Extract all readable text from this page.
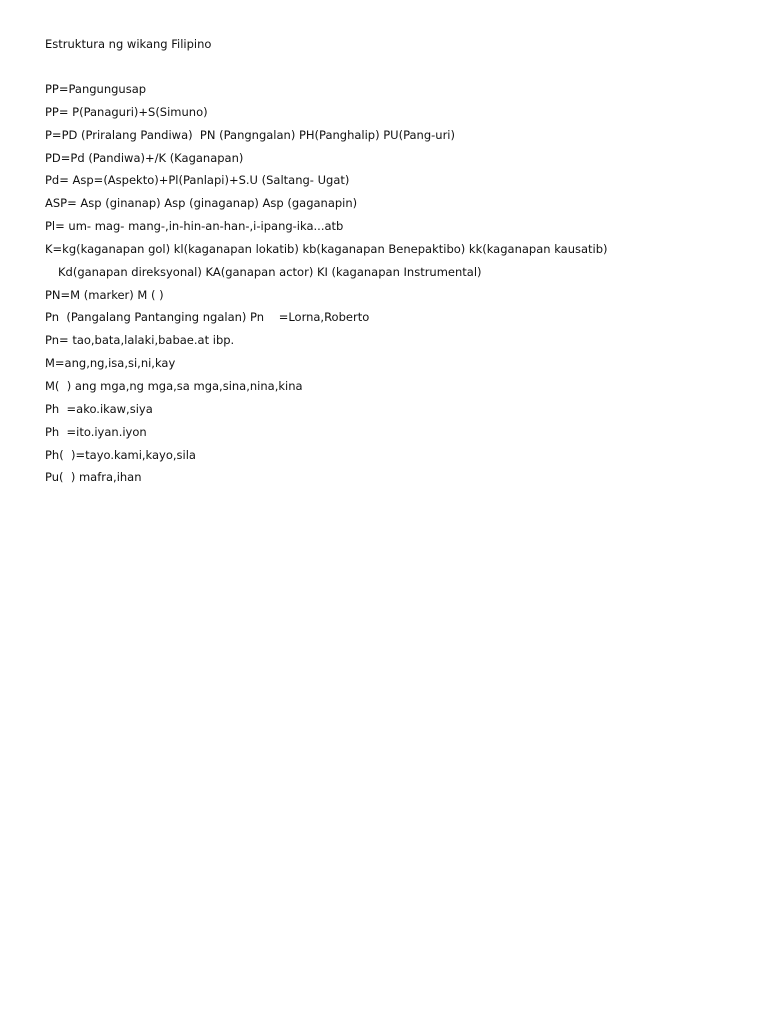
Estruktura ng wikang Filipino
PP=Pangungusap
PP= P(Panaguri)+S(Simuno)
P=PD (Priralang Pandiwa)  PN (Pangngalan) PH(Panghalip) PU(Pang-uri)
PD=Pd (Pandiwa)+/K (Kaganapan)
Pd= Asp=(Aspekto)+Pl(Panlapi)+S.U (Saltang- Ugat)
ASP= Asp (ginanap) Asp (ginaganap) Asp (gaganapin)
Pl= um- mag- mang-,in-hin-an-han-,i-ipang-ika...atb
K=kg(kaganapan gol) kl(kaganapan lokatib) kb(kaganapan Benepaktibo) kk(kaganapan kausatib)
Kd(ganapan direksyonal) KA(ganapan actor) KI (kaganapan Instrumental)
PN=M (marker) M ( )
Pn  (Pangalang Pantanging ngalan) Pn    =Lorna,Roberto
Pn= tao,bata,lalaki,babae.at ibp.
M=ang,ng,isa,si,ni,kay
M(  ) ang mga,ng mga,sa mga,sina,nina,kina
Ph  =ako.ikaw,siya
Ph  =ito.iyan.iyon
Ph(  )=tayo.kami,kayo,sila
Pu(  ) mafra,ihan
